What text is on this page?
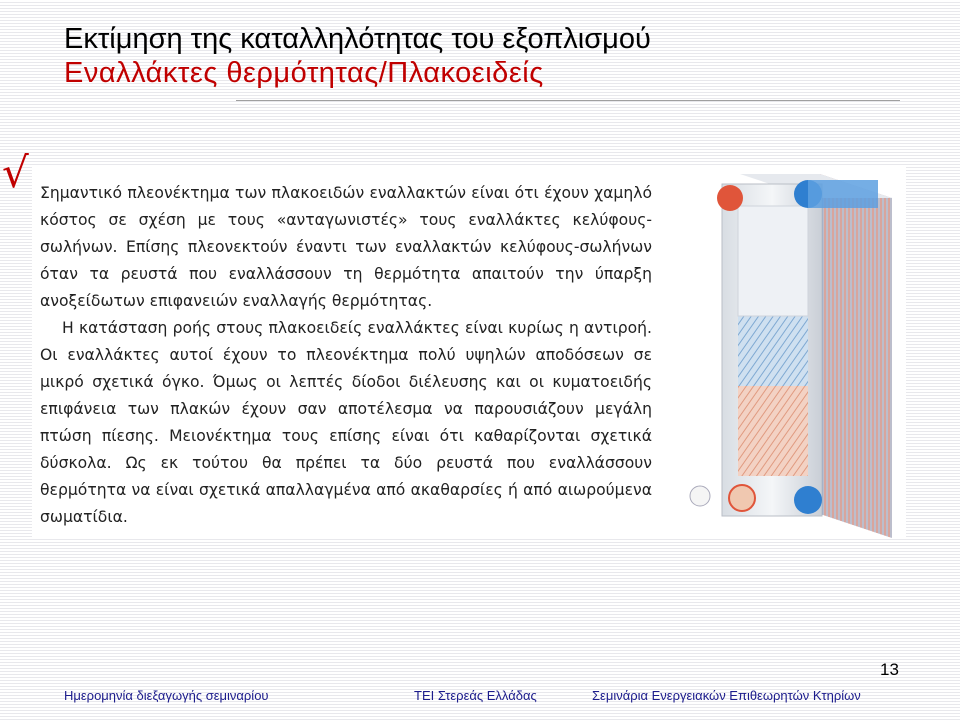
Εκτίμηση της καταλληλότητας του εξοπλισμού
Εναλλάκτες θερμότητας/Πλακοειδείς
√ Σημαντικό πλεονέκτημα των πλακοειδών εναλλακτών είναι ότι έχουν χαμηλό κόστος σε σχέση με τους «ανταγωνιστές» τους εναλλάκτες κελύφους-σωλήνων. Επίσης πλεονεκτούν έναντι των εναλλακτών κελύφους-σωλήνων όταν τα ρευστά που εναλλάσσουν τη θερμότητα απαιτούν την ύπαρξη ανοξείδωτων επιφανειών εναλλαγής θερμότητας.

Η κατάσταση ροής στους πλακοειδείς εναλλάκτες είναι κυρίως η αντιροή. Οι εναλλάκτες αυτοί έχουν το πλεονέκτημα πολύ υψηλών αποδόσεων σε μικρό σχετικά όγκο. Όμως οι λεπτές δίοδοι διέλευσης και οι κυματοειδής επιφάνεια των πλακών έχουν σαν αποτέλεσμα να παρουσιάζουν μεγάλη πτώση πίεσης. Μειονέκτημα τους επίσης είναι ότι καθαρίζονται σχετικά δύσκολα. Ως εκ τούτου θα πρέπει τα δύο ρευστά που εναλλάσσουν θερμότητα να είναι σχετικά απαλλαγμένα από ακαθαρσίες ή από αιωρούμενα σωματίδια.

13
Ημερομηνία διεξαγωγής σεμιναρίου	ΤΕΙ Στερεάς Ελλάδας	Σεμινάρια Ενεργειακών Επιθεωρητών Κτηρίων
